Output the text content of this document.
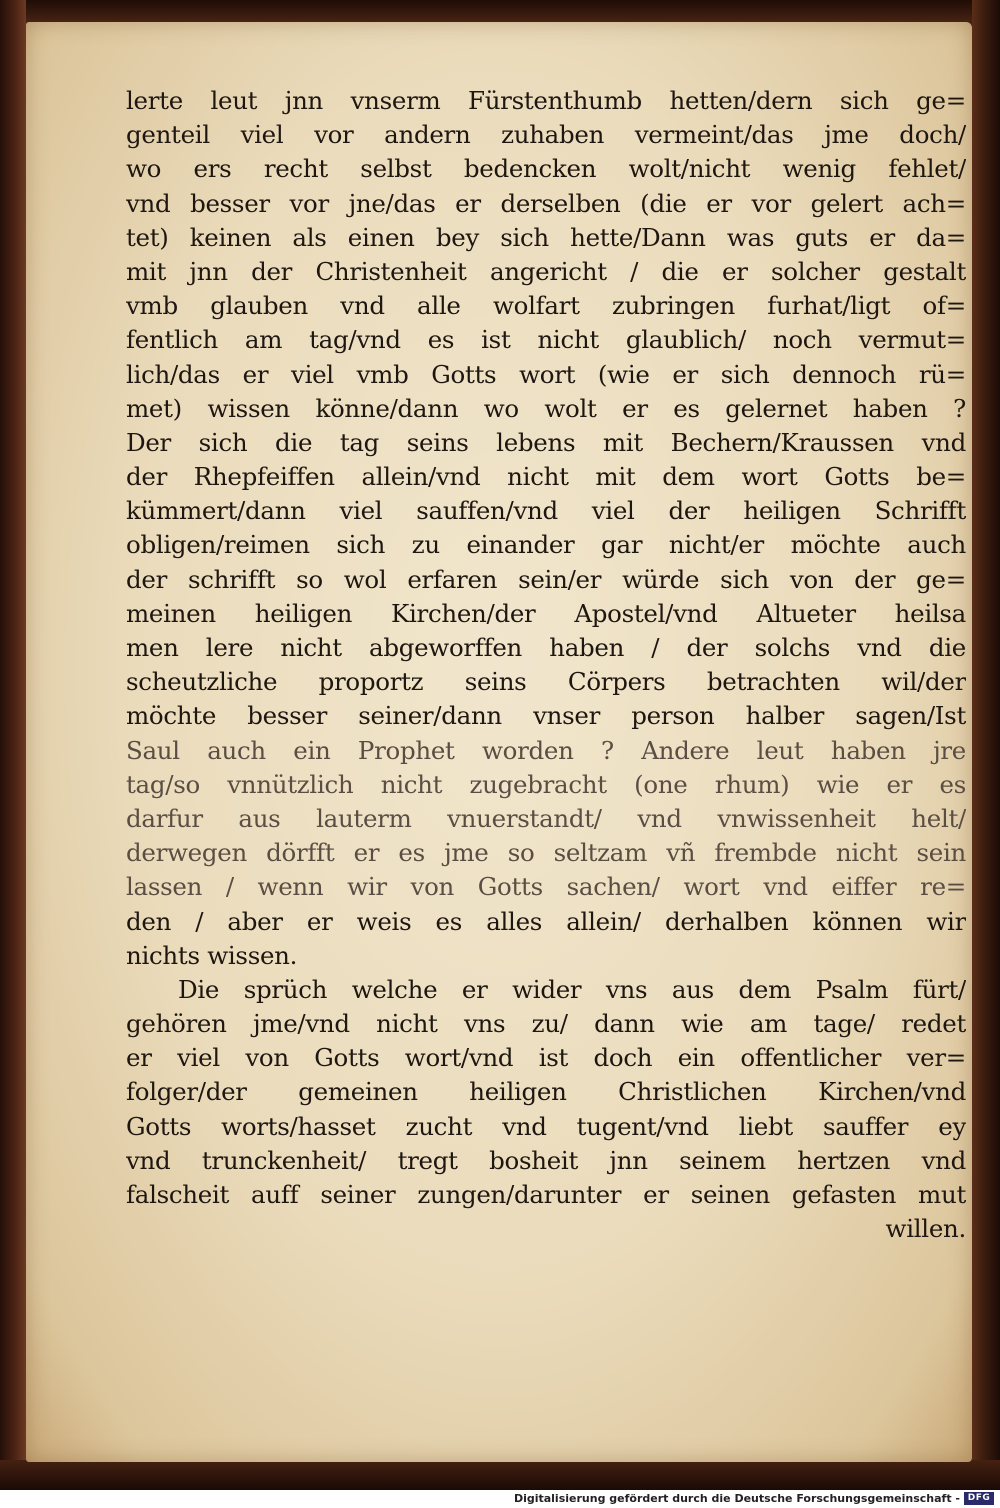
lerte leut jnn vnserm Fürstenthumb hetten/dern sich ge=
genteil viel vor andern zuhaben vermeint/das jme doch/
wo ers recht selbst bedencken wolt/nicht wenig fehlet/
vnd besser vor jne/das er derselben (die er vor gelert ach=
tet) keinen als einen bey sich hette/Dann was guts er da=
mit jnn der Christenheit angericht / die er solcher gestalt
vmb glauben vnd alle wolfart zubringen furhat/ligt of=
fentlich am tag/vnd es ist nicht glaublich/ noch vermut=
lich/das er viel vmb Gotts wort (wie er sich dennoch rü=
met) wissen könne/dann wo wolt er es gelernet haben ?
Der sich die tag seins lebens mit Bechern/Kraussen vnd
der Rhepfeiffen allein/vnd nicht mit dem wort Gotts be=
kümmert/dann viel sauffen/vnd viel der heiligen Schrifft
obligen/reimen sich zu einander gar nicht/er möchte auch
der schrifft so wol erfaren sein/er würde sich von der ge=
meinen heiligen Kirchen/der Apostel/vnd Altueter heilsa
men lere nicht abgeworffen haben / der solchs vnd die
scheutzliche proportz seins Cörpers betrachten wil/der
möchte besser seiner/dann vnser person halber sagen/Ist
Saul auch ein Prophet worden ? Andere leut haben jre
tag/so vnnützlich nicht zugebracht (one rhum) wie er es
darfur aus lauterm vnuerstandt/ vnd vnwissenheit helt/
derwegen dörfft er es jme so seltzam vñ frembde nicht sein
lassen / wenn wir von Gotts sachen/ wort vnd eiffer re=
den / aber er weis es alles allein/ derhalben können wir
nichts wissen.
Die sprüch welche er wider vns aus dem Psalm fürt/
gehören jme/vnd nicht vns zu/ dann wie am tage/ redet
er viel von Gotts wort/vnd ist doch ein offentlicher ver=
folger/der gemeinen heiligen Christlichen Kirchen/vnd
Gotts worts/hasset zucht vnd tugent/vnd liebt sauffer ey
vnd trunckenheit/ tregt bosheit jnn seinem hertzen vnd
falscheit auff seiner zungen/darunter er seinen gefasten mut
willen.
Digitalisierung gefördert durch die Deutsche Forschungsgemeinschaft - DFG
